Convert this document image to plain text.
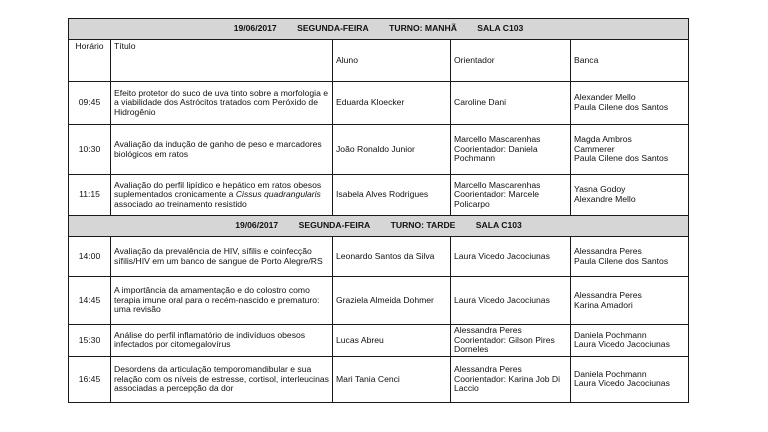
19/06/2017 SEGUNDA-FEIRA TURNO: MANHÃ SALA C103				
Horário	Título	Aluno	Orientador	Banca
09:45	Efeito protetor do suco de uva tinto sobre a morfologia e a viabilidade dos Astrócitos tratados com Peróxido de Hidrogênio	Eduarda Kloecker	Caroline Dani	Alexander Mello
Paula Cilene dos Santos
10:30	Avaliação da indução de ganho de peso e marcadores biológicos em ratos	João Ronaldo Junior	Marcello Mascarenhas
Coorientador: Daniela Pochmann	Magda Ambros
Cammerer
Paula Cilene dos Santos
11:15	Avaliação do perfil lipídico e hepático em ratos obesos suplementados cronicamente a Cissus quadrangularis associado ao treinamento resistido	Isabela Alves Rodrigues	Marcello Mascarenhas
Coorientador: Marcele Policarpo	Yasna Godoy
Alexandre Mello
19/06/2017 SEGUNDA-FEIRA TURNO: TARDE SALA C103				
14:00	Avaliação da prevalência de HIV, sífilis e coinfecção sífilis/HIV em um banco de sangue de Porto Alegre/RS	Leonardo Santos da Silva	Laura Vicedo Jacociunas	Alessandra Peres
Paula Cilene dos Santos
14:45	A importância da amamentação e do colostro como terapia imune oral para o recém-nascido e prematuro: uma revisão	Graziela Almeida Dohmer	Laura Vicedo Jacociunas	Alessandra Peres
Karina Amadori
15:30	Análise do perfil inflamatório de indivíduos obesos infectados por citomegalovírus	Lucas Abreu	Alessandra Peres
Coorientador: Gilson Pires Dorneles	Daniela Pochmann
Laura Vicedo Jacociunas
16:45	Desordens da articulação temporomandibular e sua relação com os níveis de estresse, cortisol, interleucinas associadas a percepção da dor	Mari Tania Cenci	Alessandra Peres
Coorientador: Karina Job Di Laccio	Daniela Pochmann
Laura Vicedo Jacociunas
